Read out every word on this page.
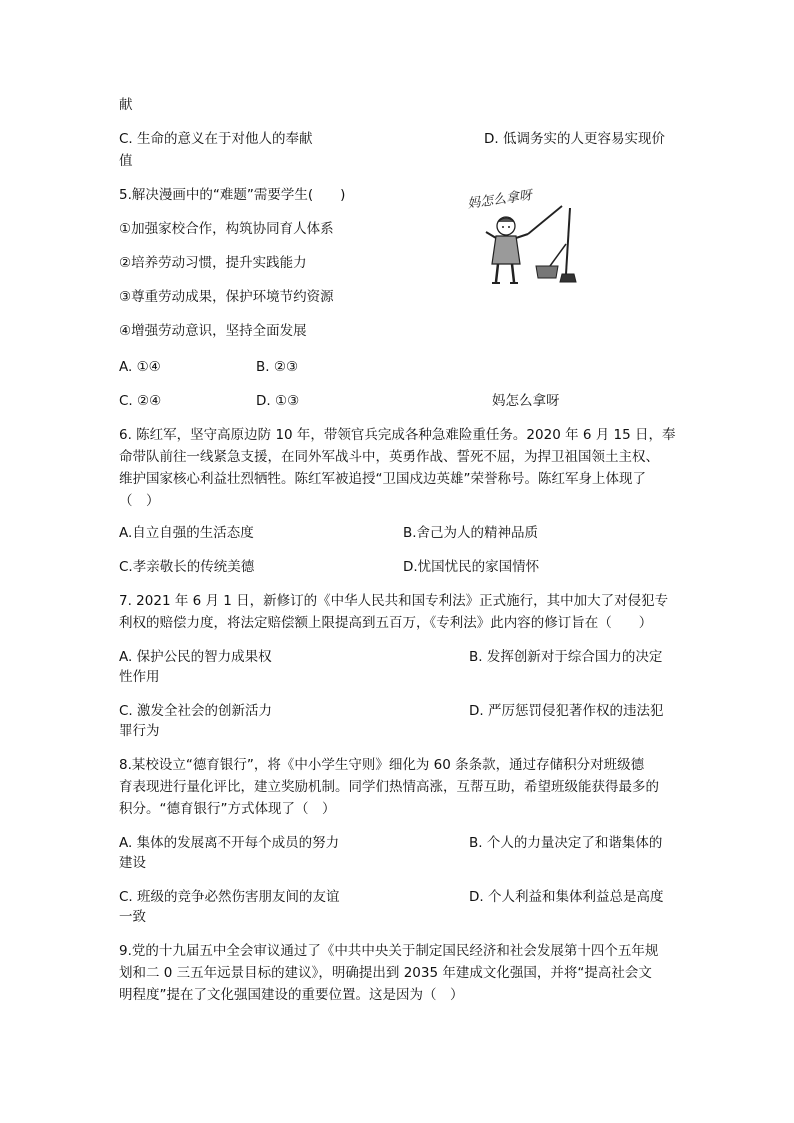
献
C. 生命的意义在于对他人的奉献	D. 低调务实的人更容易实现价
值
5.解决漫画中的“难题”需要学生(　　)
①加强家校合作，构筑协同育人体系
②培养劳动习惯，提升实践能力
③尊重劳动成果，保护环境节约资源
④增强劳动意识，坚持全面发展
A. ①④	B. ②③
C. ②④	D. ①③	妈怎么拿呀
妈怎么拿呀
6. 陈红军，坚守高原边防 10 年，带领官兵完成各种急难险重任务。2020 年 6 月 15 日，奉
命带队前往一线紧急支援，在同外军战斗中，英勇作战、誓死不屈，为捍卫祖国领土主权、
维护国家核心利益壮烈牺牲。陈红军被追授“卫国戍边英雄”荣誉称号。陈红军身上体现了
（　）
A.自立自强的生活态度	B.舍己为人的精神品质
C.孝亲敬长的传统美德	D.忧国忧民的家国情怀
7. 2021 年 6 月 1 日，新修订的《中华人民共和国专利法》正式施行，其中加大了对侵犯专
利权的赔偿力度，将法定赔偿额上限提高到五百万，《专利法》此内容的修订旨在（　　）
A. 保护公民的智力成果权	B. 发挥创新对于综合国力的决定
性作用
C. 激发全社会的创新活力	D. 严厉惩罚侵犯著作权的违法犯
罪行为
8.某校设立“德育银行”，将《中小学生守则》细化为 60 条条款，通过存储积分对班级德
育表现进行量化评比，建立奖励机制。同学们热情高涨，互帮互助，希望班级能获得最多的
积分。“德育银行”方式体现了（　）
A. 集体的发展离不开每个成员的努力	B. 个人的力量决定了和谐集体的
建设
C. 班级的竞争必然伤害朋友间的友谊	D. 个人利益和集体利益总是高度
一致
9.党的十九届五中全会审议通过了《中共中央关于制定国民经济和社会发展第十四个五年规
划和二 0 三五年远景目标的建议》，明确提出到 2035 年建成文化强国，并将“提高社会文
明程度”提在了文化强国建设的重要位置。这是因为（　）
